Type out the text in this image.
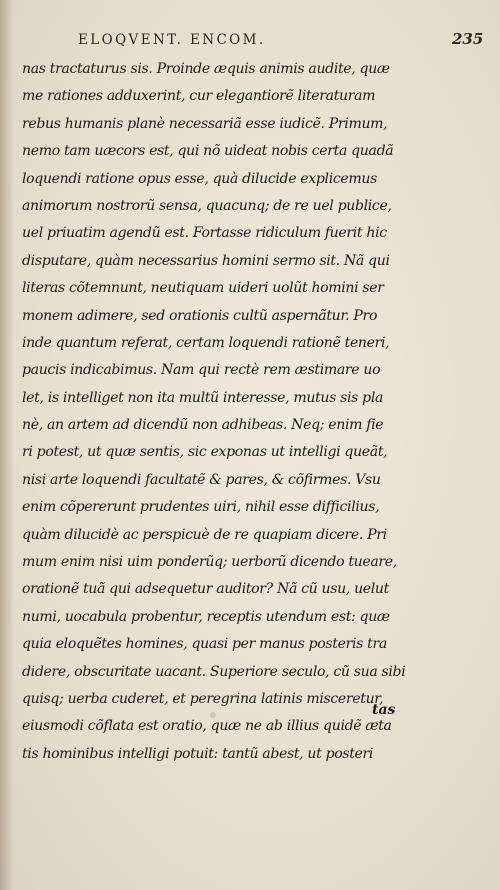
ELOQVENT. ENCOM.	235
nas tractaturus sis. Proinde æquis animis audite, quæ
me rationes adduxerint, cur elegantiorẽ literaturam
rebus humanis planè necessariã esse iudicẽ. Primum,
nemo tam uæcors est, qui nõ uideat nobis certa quadã
loquendi ratione opus esse, quà dilucide explicemus
animorum nostrorũ sensa, quacunq; de re uel publice,
uel priuatim agendũ est. Fortasse ridiculum fuerit hic
disputare, quàm necessarius homini sermo sit. Nã qui
literas cõtemnunt, neutiquam uideri uolũt homini ser
monem adimere, sed orationis cultũ aspernãtur. Pro
inde quantum referat, certam loquendi rationẽ teneri,
paucis indicabimus. Nam qui rectè rem æstimare uo
let, is intelliget non ita multũ interesse, mutus sis pla
nè, an artem ad dicendũ non adhibeas. Neq; enim fie
ri potest, ut quæ sentis, sic exponas ut intelligi queãt,
nisi arte loquendi facultatẽ & pares, & cõfirmes. Vsu
enim cõpererunt prudentes uiri, nihil esse difficilius,
quàm dilucidè ac perspicuè de re quapiam dicere. Pri
mum enim nisi uim ponderũq; uerborũ dicendo tueare,
orationẽ tuã qui adsequetur auditor? Nã cũ usu, uelut
numi, uocabula probentur, receptis utendum est: quæ
quia eloquẽtes homines, quasi per manus posteris tra
didere, obscuritate uacant. Superiore seculo, cũ sua sibi
quisq; uerba cuderet, et peregrina latinis misceretur,
eiusmodi cõflata est oratio, quæ ne ab illius quidẽ æta
tis hominibus intelligi potuit: tantũ abest, ut posteri
tas
